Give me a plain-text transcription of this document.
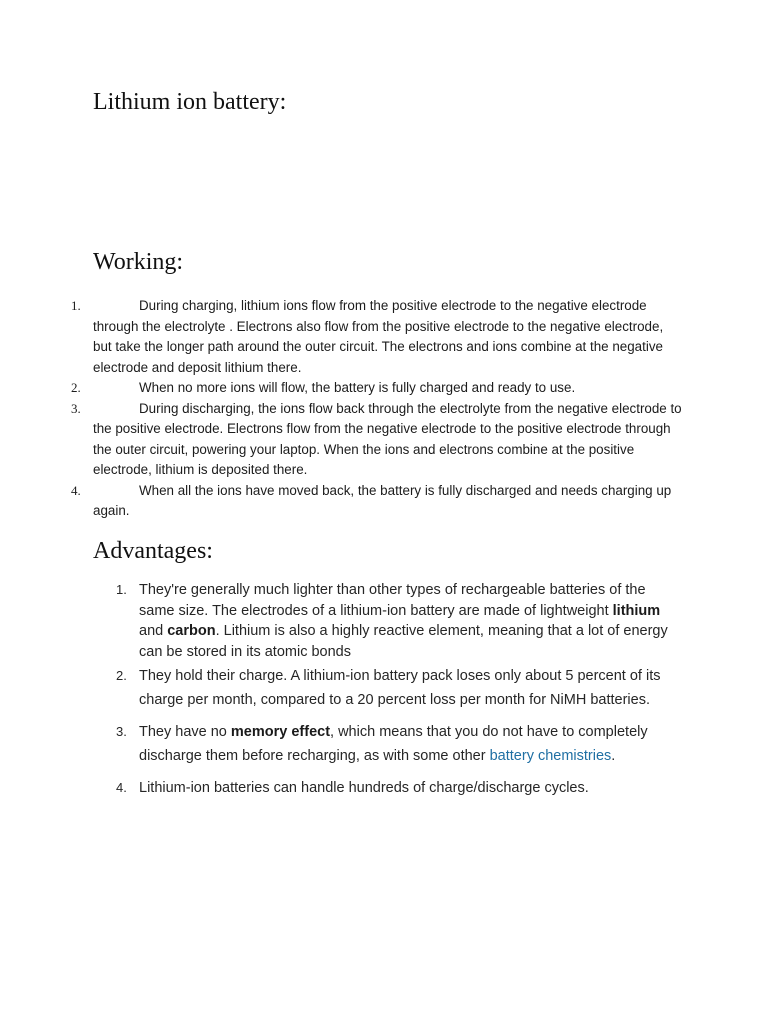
Lithium ion battery:
Working:
1.	During charging, lithium ions flow from the positive electrode to the negative electrode through the electrolyte . Electrons also flow from the positive electrode to the negative electrode, but take the longer path around the outer circuit. The electrons and ions combine at the negative electrode and deposit lithium there.
2.	When no more ions will flow, the battery is fully charged and ready to use.
3.	During discharging, the ions flow back through the electrolyte from the negative electrode to the positive electrode. Electrons flow from the negative electrode to the positive electrode through the outer circuit, powering your laptop. When the ions and electrons combine at the positive electrode, lithium is deposited there.
4.	When all the ions have moved back, the battery is fully discharged and needs charging up again.
Advantages:
1. They're generally much lighter than other types of rechargeable batteries of the same size. The electrodes of a lithium-ion battery are made of lightweight lithium and carbon. Lithium is also a highly reactive element, meaning that a lot of energy can be stored in its atomic bonds
2. They hold their charge. A lithium-ion battery pack loses only about 5 percent of its charge per month, compared to a 20 percent loss per month for NiMH batteries.
3. They have no memory effect, which means that you do not have to completely discharge them before recharging, as with some other battery chemistries.
4. Lithium-ion batteries can handle hundreds of charge/discharge cycles.
